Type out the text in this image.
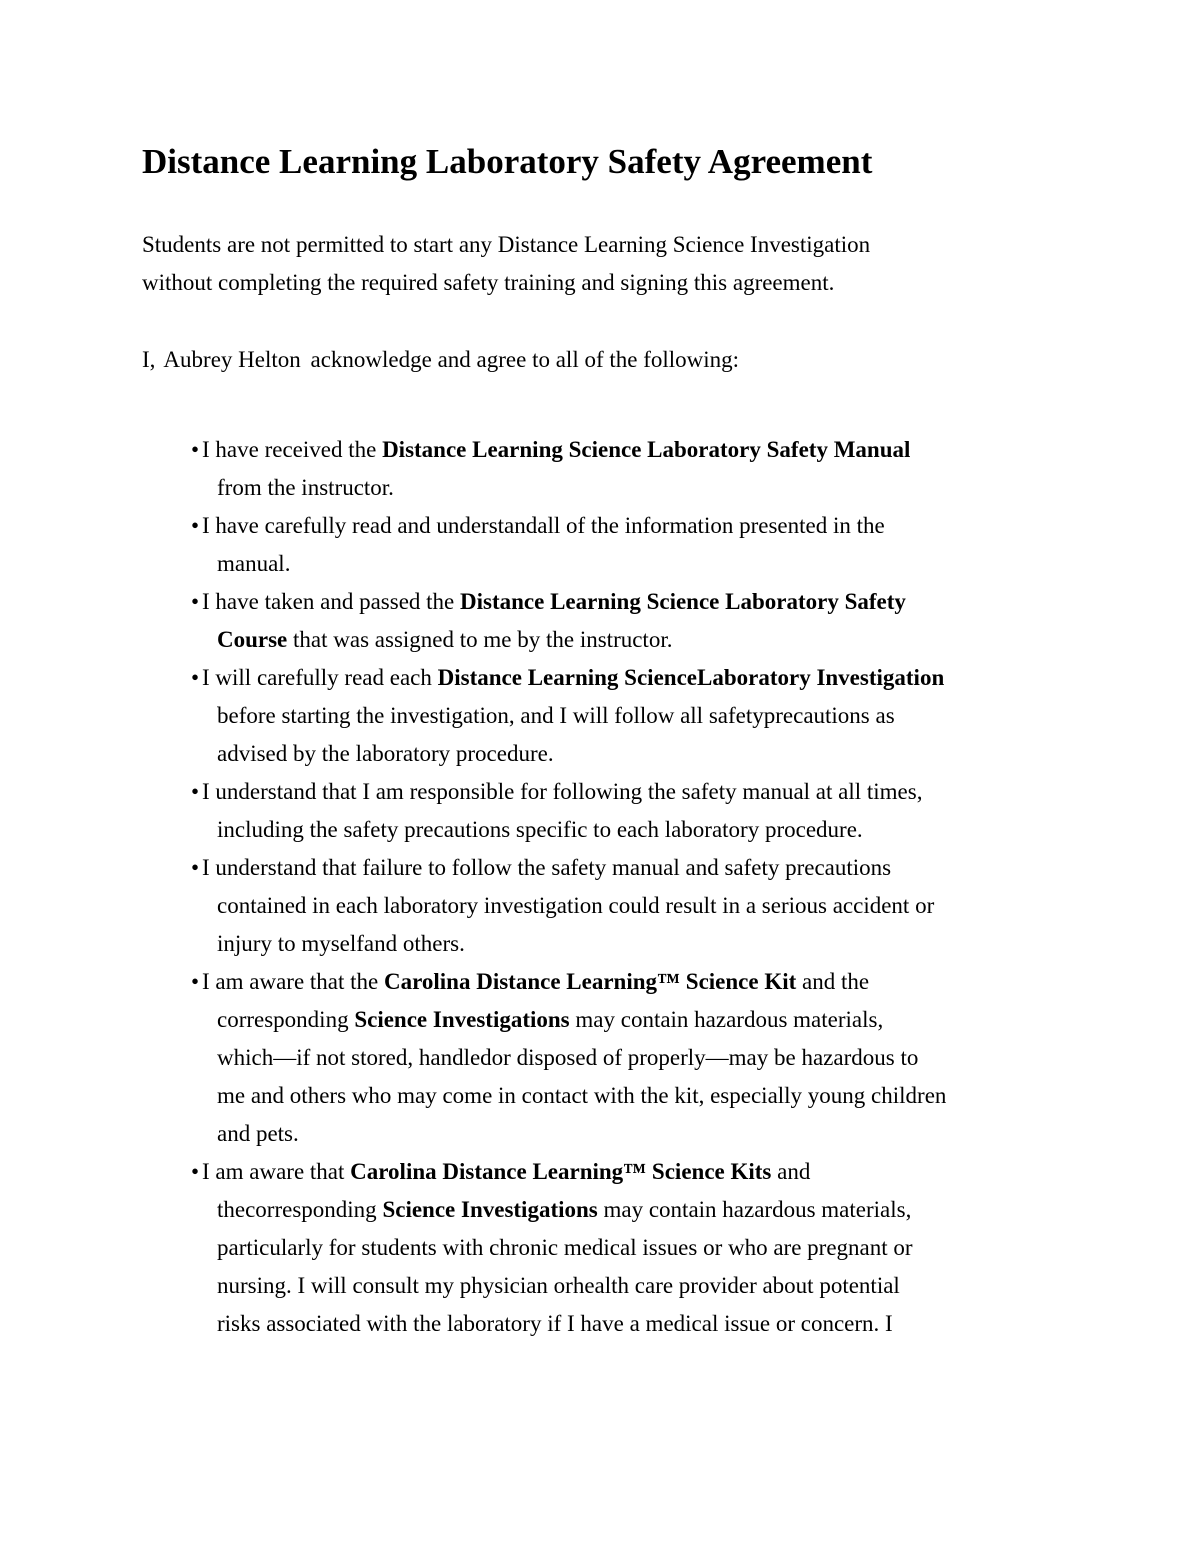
Distance Learning Laboratory Safety Agreement

Students are not permitted to start any Distance Learning Science Investigation
without completing the required safety training and signing this agreement.

I, Aubrey Helton acknowledge and agree to all of the following:

• I have received the Distance Learning Science Laboratory Safety Manual
from the instructor.
• I have carefully read and understandall of the information presented in the
manual.
• I have taken and passed the Distance Learning Science Laboratory Safety
Course that was assigned to me by the instructor.
• I will carefully read each Distance Learning ScienceLaboratory Investigation
before starting the investigation, and I will follow all safetyprecautions as
advised by the laboratory procedure.
• I understand that I am responsible for following the safety manual at all times,
including the safety precautions specific to each laboratory procedure.
• I understand that failure to follow the safety manual and safety precautions
contained in each laboratory investigation could result in a serious accident or
injury to myselfand others.
• I am aware that the Carolina Distance Learning™ Science Kit and the
corresponding Science Investigations may contain hazardous materials,
which—if not stored, handledor disposed of properly—may be hazardous to
me and others who may come in contact with the kit, especially young children
and pets.
• I am aware that Carolina Distance Learning™ Science Kits and
thecorresponding Science Investigations may contain hazardous materials,
particularly for students with chronic medical issues or who are pregnant or
nursing. I will consult my physician orhealth care provider about potential
risks associated with the laboratory if I have a medical issue or concern. I
